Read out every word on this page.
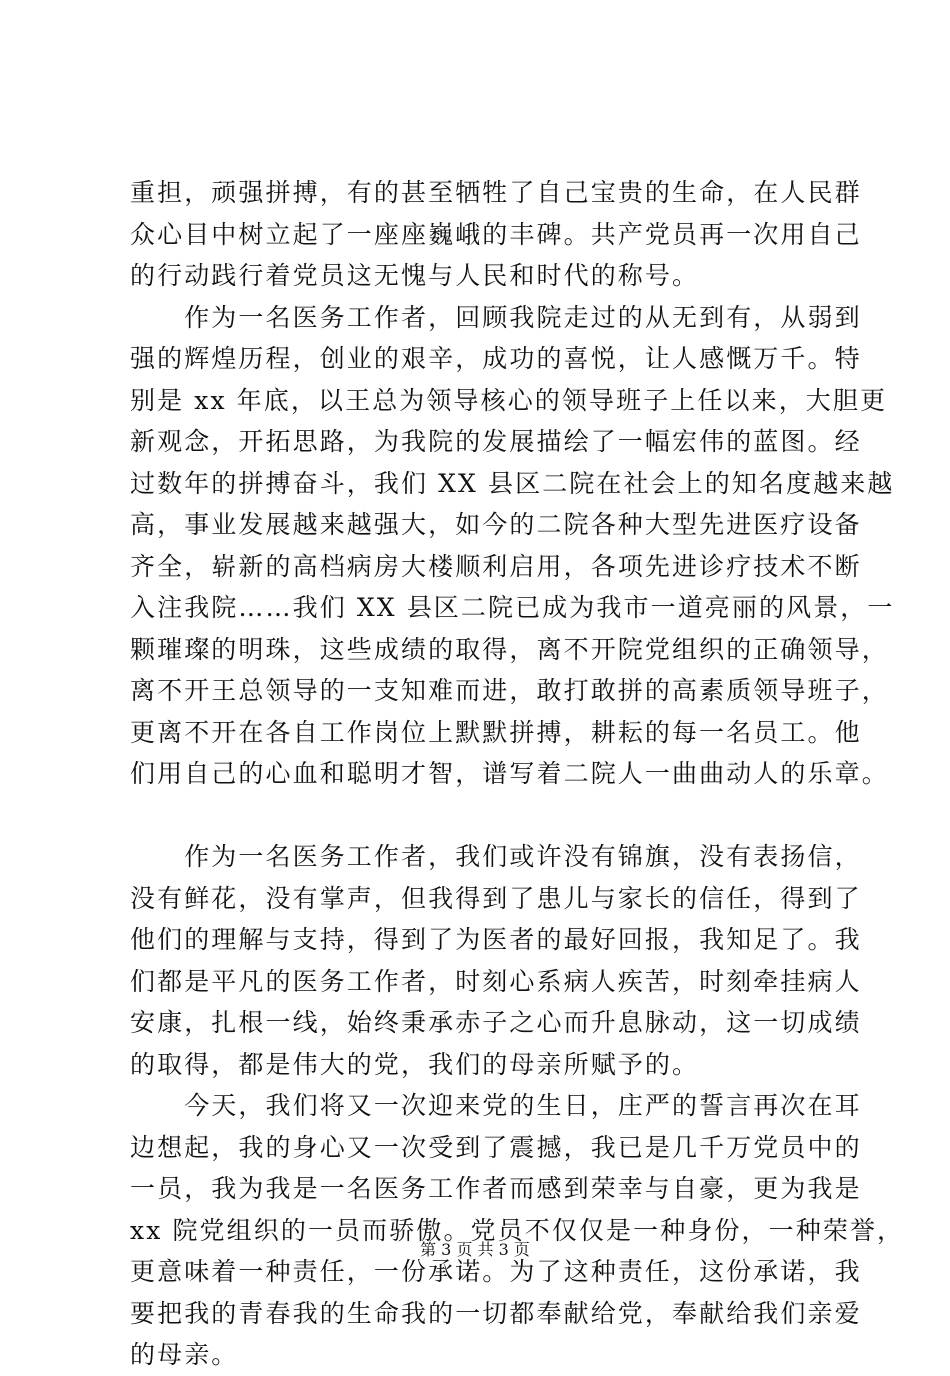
重担，顽强拼搏，有的甚至牺牲了自己宝贵的生命，在人民群
众心目中树立起了一座座巍峨的丰碑。共产党员再一次用自己
的行动践行着党员这无愧与人民和时代的称号。
　　作为一名医务工作者，回顾我院走过的从无到有，从弱到
强的辉煌历程，创业的艰辛，成功的喜悦，让人感慨万千。特
别是 xx 年底，以王总为领导核心的领导班子上任以来，大胆更
新观念，开拓思路，为我院的发展描绘了一幅宏伟的蓝图。经
过数年的拼搏奋斗，我们 XX 县区二院在社会上的知名度越来越
高，事业发展越来越强大，如今的二院各种大型先进医疗设备
齐全，崭新的高档病房大楼顺利启用，各项先进诊疗技术不断
入注我院……我们 XX 县区二院已成为我市一道亮丽的风景，一
颗璀璨的明珠，这些成绩的取得，离不开院党组织的正确领导，
离不开王总领导的一支知难而进，敢打敢拼的高素质领导班子，
更离不开在各自工作岗位上默默拼搏，耕耘的每一名员工。他
们用自己的心血和聪明才智，谱写着二院人一曲曲动人的乐章。
　　作为一名医务工作者，我们或许没有锦旗，没有表扬信，
没有鲜花，没有掌声，但我得到了患儿与家长的信任，得到了
他们的理解与支持，得到了为医者的最好回报，我知足了。我
们都是平凡的医务工作者，时刻心系病人疾苦，时刻牵挂病人
安康，扎根一线，始终秉承赤子之心而升息脉动，这一切成绩
的取得，都是伟大的党，我们的母亲所赋予的。
　　今天，我们将又一次迎来党的生日，庄严的誓言再次在耳
边想起，我的身心又一次受到了震撼，我已是几千万党员中的
一员，我为我是一名医务工作者而感到荣幸与自豪，更为我是
xx 院党组织的一员而骄傲。党员不仅仅是一种身份，一种荣誉，
更意味着一种责任，一份承诺。为了这种责任，这份承诺，我
要把我的青春我的生命我的一切都奉献给党，奉献给我们亲爱
的母亲。
第 3 页 共 3 页
